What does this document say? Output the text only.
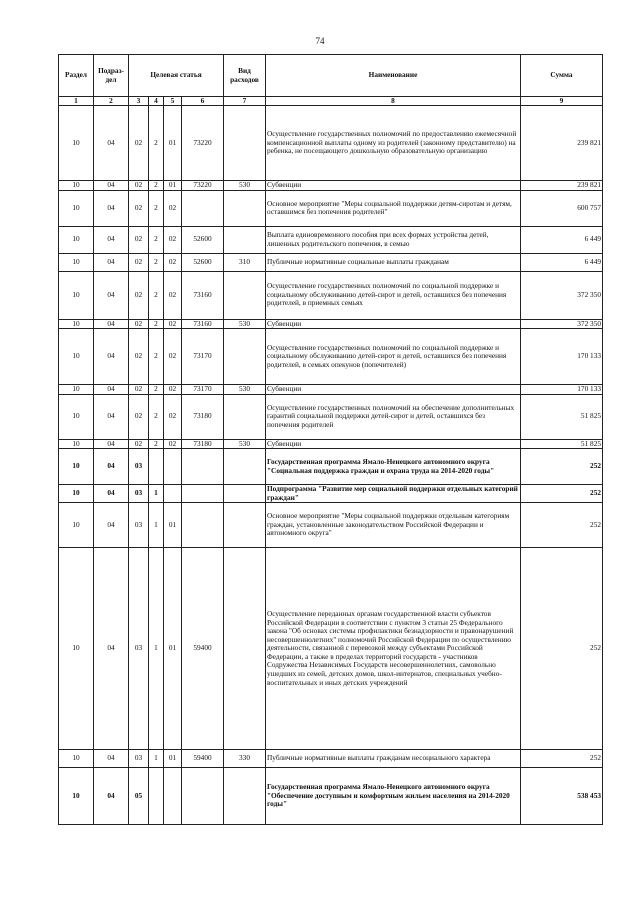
74
Раздел	Подраз-дел	Целевая статья				Вид расходов	Наименование	Сумма
1	2	3	4	5	6	7	8	9
10	04	02	2	01	73220		Осуществление государственных полномочий по предоставлению ежемесячной компенсационной выплаты одному из родителей (законному представителю) на ребенка, не посещающего дошкольную образовательную организацию	239 821
10	04	02	2	01	73220	530	Субвенции	239 821
10	04	02	2	02			Основное мероприятие "Меры социальной поддержки детям-сиротам и детям, оставшимся без попечения родителей"	600 757
10	04	02	2	02	52600		Выплата единовременного пособия при всех формах устройства детей, лишенных родительского попечения, в семью	6 449
10	04	02	2	02	52600	310	Публичные нормативные социальные выплаты гражданам	6 449
10	04	02	2	02	73160		Осуществление государственных полномочий по социальной поддержке и социальному обслуживанию детей-сирот и детей, оставшихся без попечения родителей, в приемных семьях	372 350
10	04	02	2	02	73160	530	Субвенции	372 350
10	04	02	2	02	73170		Осуществление государственных полномочий по социальной поддержке и социальному обслуживанию детей-сирот и детей, оставшихся без попечения родителей, в семьях опекунов (попечителей)	170 133
10	04	02	2	02	73170	530	Субвенции	170 133
10	04	02	2	02	73180		Осуществление государственных полномочий на обеспечение дополнительных гарантий социальной поддержки детей-сирот и детей, оставшихся без попечения родителей	51 825
10	04	02	2	02	73180	530	Субвенции	51 825
10	04	03					Государственная программа Ямало-Ненецкого автономного округа "Социальная поддержка граждан и охрана труда на 2014-2020 годы"	252
10	04	03	1				Подпрограмма "Развитие мер социальной поддержки отдельных категорий граждан"	252
10	04	03	1	01			Основное мероприятие "Меры социальной поддержки отдельным категориям граждан, установленные законодательством Российской Федерации и автономного округа"	252
10	04	03	1	01	59400		Осуществление переданных органам государственной власти субъектов Российской Федерации в соответствии с пунктом 3 статьи 25 Федерального закона "Об основах системы профилактики безнадзорности и правонарушений несовершеннолетних" полномочий Российской Федерации по осуществлению деятельности, связанной с перевозкой между субъектами Российской Федерации, а также в пределах территорий государств - участников Содружества Независимых Государств несовершеннолетних, самовольно ушедших из семей, детских домов, школ-интернатов, специальных учебно-воспитательных и иных детских учреждений	252
10	04	03	1	01	59400	330	Публичные нормативные выплаты гражданам несоциального характера	252
10	04	05					Государственная программа Ямало-Ненецкого автономного округа "Обеспечение доступным и комфортным жильем населения на 2014-2020 годы"	538 453
